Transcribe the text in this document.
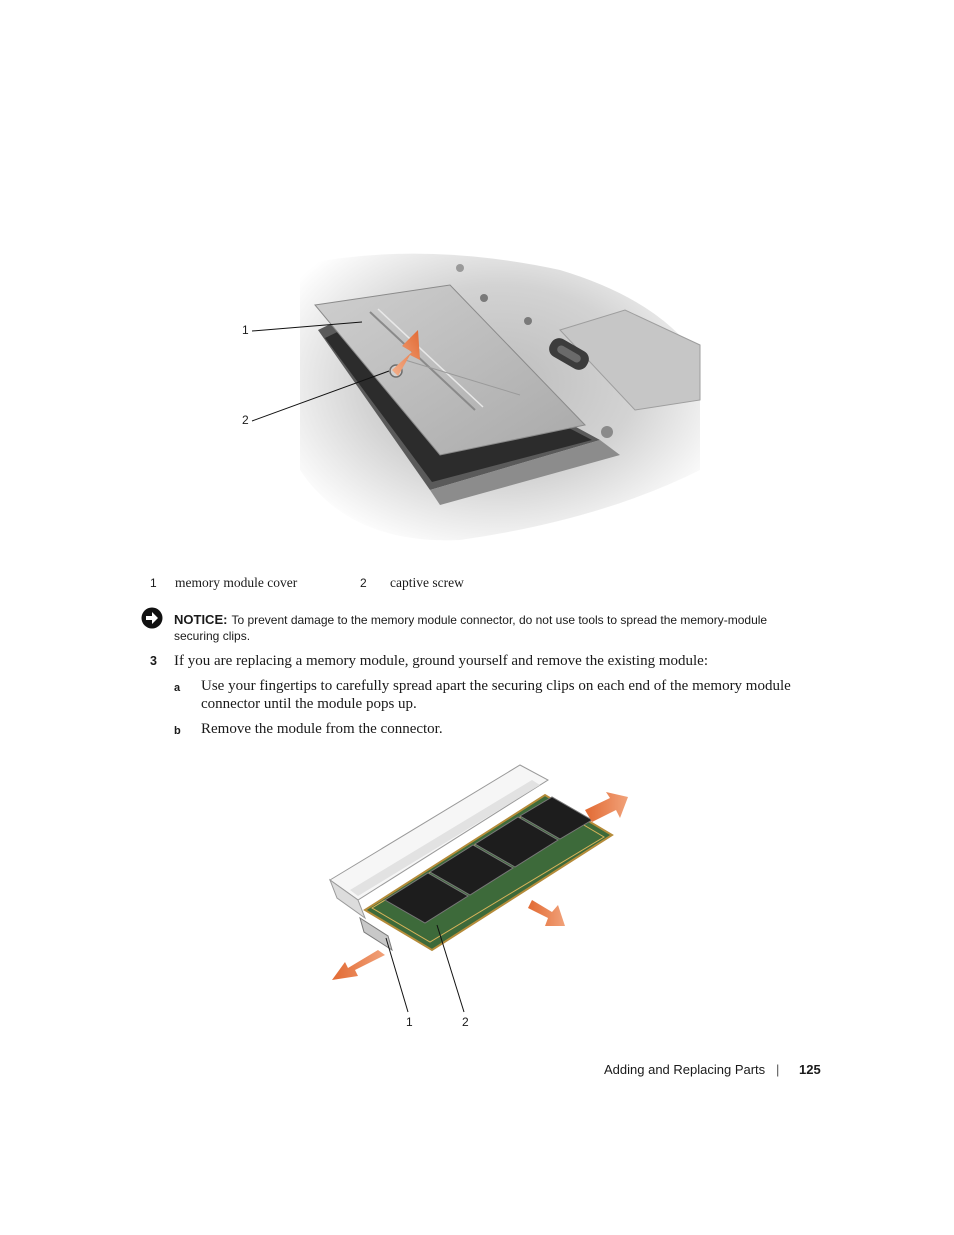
1
2
1 memory module cover	2 captive screw
NOTICE: To prevent damage to the memory module connector, do not use tools to spread the memory-module
securing clips.
3 If you are replacing a memory module, ground yourself and remove the existing module:
a Use your fingertips to carefully spread apart the securing clips on each end of the memory module
connector until the module pops up.
b Remove the module from the connector.
1	2
Adding and Replacing Parts | 125
